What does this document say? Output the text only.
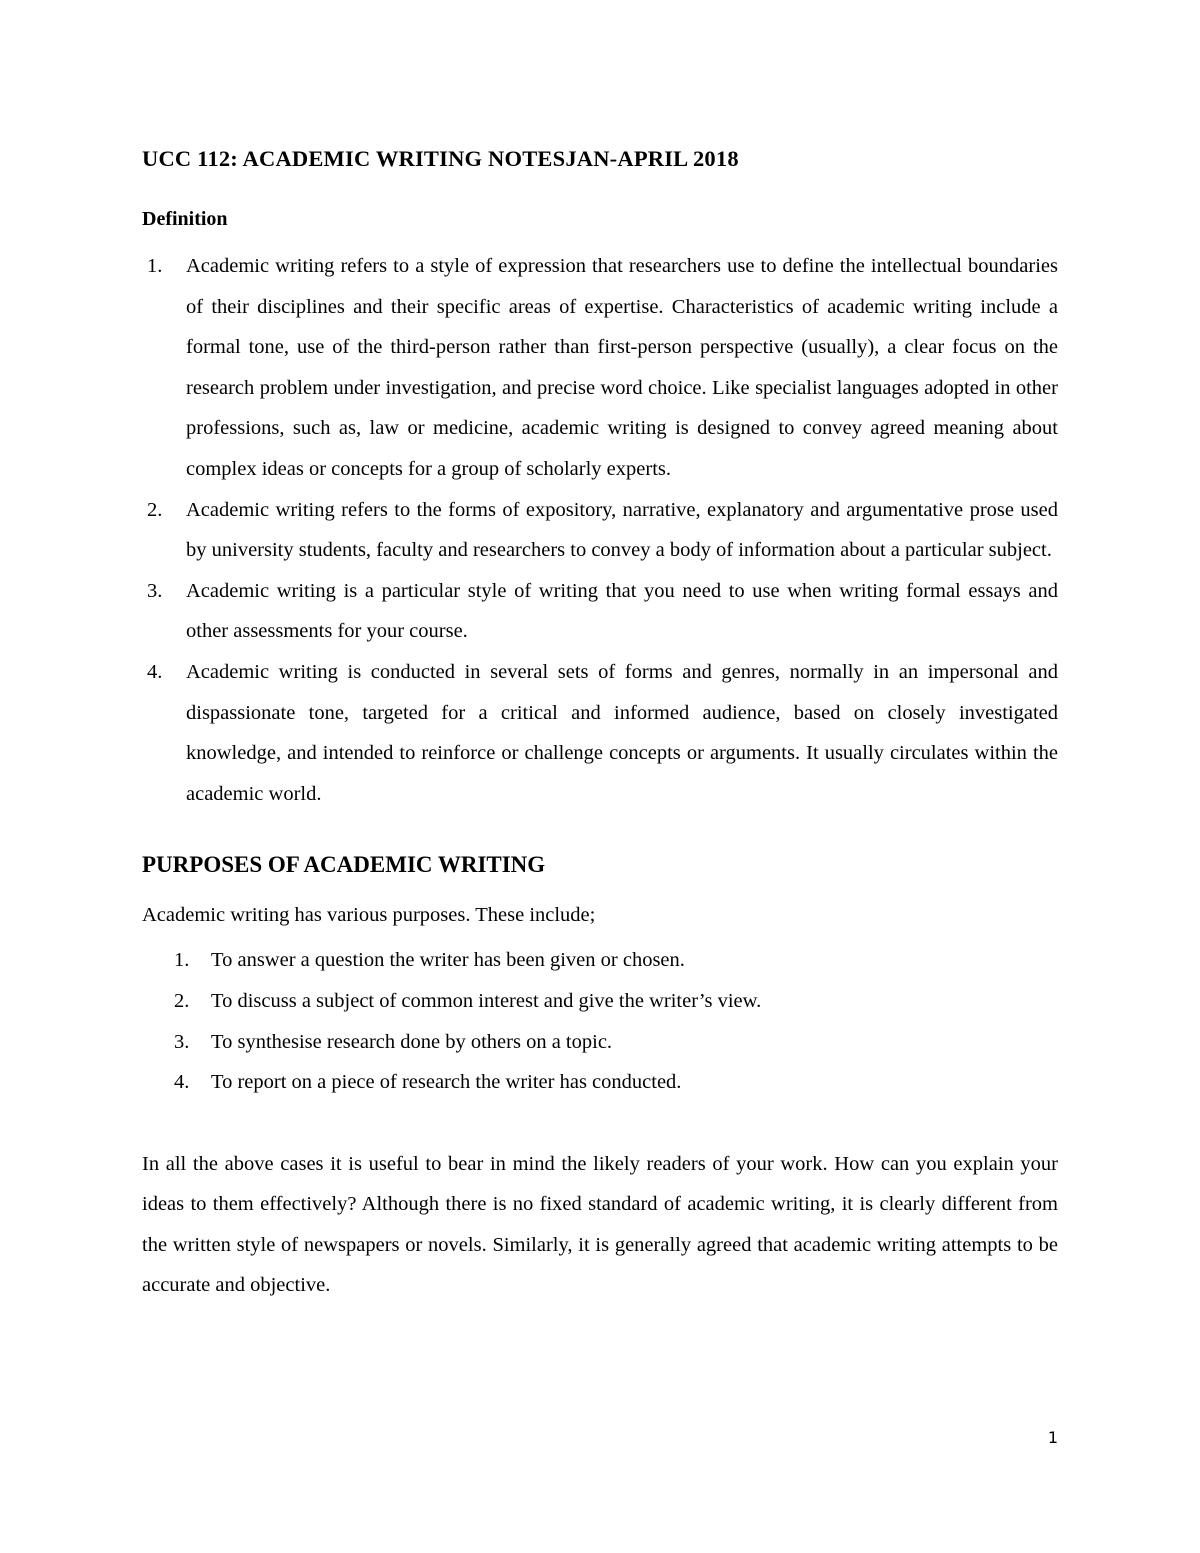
UCC 112: ACADEMIC WRITING NOTESJAN-APRIL 2018
Definition
1. Academic writing refers to a style of expression that researchers use to define the intellectual boundaries of their disciplines and their specific areas of expertise. Characteristics of academic writing include a formal tone, use of the third-person rather than first-person perspective (usually), a clear focus on the research problem under investigation, and precise word choice. Like specialist languages adopted in other professions, such as, law or medicine, academic writing is designed to convey agreed meaning about complex ideas or concepts for a group of scholarly experts.
2. Academic writing refers to the forms of expository, narrative, explanatory and argumentative prose used by university students, faculty and researchers to convey a body of information about a particular subject.
3. Academic writing is a particular style of writing that you need to use when writing formal essays and other assessments for your course.
4. Academic writing is conducted in several sets of forms and genres, normally in an impersonal and dispassionate tone, targeted for a critical and informed audience, based on closely investigated knowledge, and intended to reinforce or challenge concepts or arguments. It usually circulates within the academic world.
PURPOSES OF ACADEMIC WRITING

Academic writing has various purposes. These include;

1. To answer a question the writer has been given or chosen.
2. To discuss a subject of common interest and give the writer’s view.
3. To synthesise research done by others on a topic.
4. To report on a piece of research the writer has conducted.

In all the above cases it is useful to bear in mind the likely readers of your work. How can you explain your ideas to them effectively? Although there is no fixed standard of academic writing, it is clearly different from the written style of newspapers or novels. Similarly, it is generally agreed that academic writing attempts to be accurate and objective.

1
